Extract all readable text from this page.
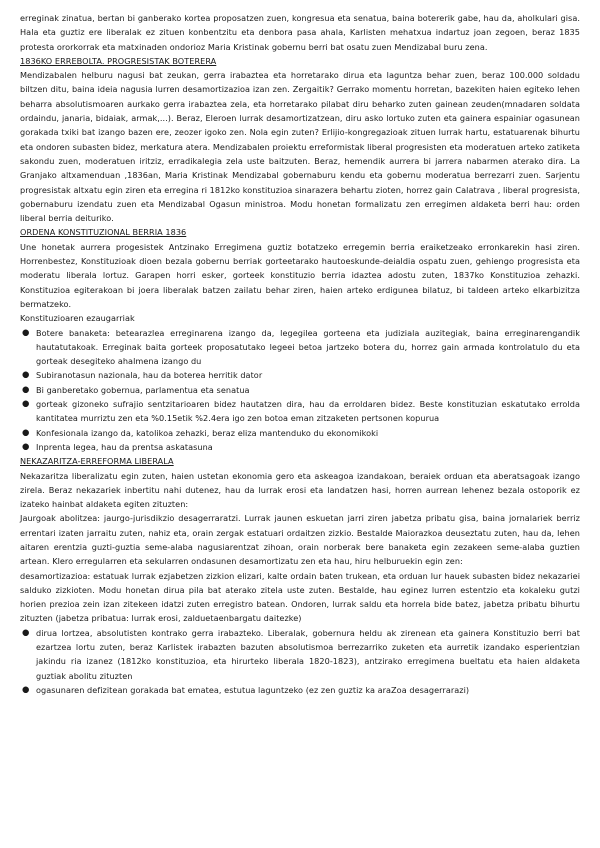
erreginak zinatua, bertan bi ganberako kortea proposatzen zuen, kongresua eta senatua, baina botererik gabe, hau da, aholkulari gisa. Hala eta guztiz ere liberalak ez zituen konbentzitu eta denbora pasa ahala, Karlisten mehatxua indartuz joan zegoen, beraz 1835 protesta ororkorrak eta matxinaden ondorioz Maria Kristinak gobernu berri bat osatu zuen Mendizabal buru zena.

1836KO ERREBOLTA. PROGRESISTAK BOTERERA

Mendizabalen helburu nagusi bat zeukan, gerra irabaztea eta horretarako dirua eta laguntza behar zuen, beraz 100.000 soldadu biltzen ditu, baina ideia nagusia lurren desamortizazioa izan zen. Zergaitik? Gerrako momentu horretan, bazekiten haien egiteko lehen beharra absolutismoaren aurkako gerra irabaztea zela, eta horretarako pilabat diru beharko zuten gainean zeuden(mnadaren soldata ordaindu, janaria, bidaiak, armak,...). Beraz, Eleroen lurrak desamortizatzean, diru asko lortuko zuten eta gainera espainiar ogasunean gorakada txiki bat izango bazen ere, zeozer igoko zen. Nola egin zuten? Erlijio-kongregazioak zituen lurrak hartu, estatuarenak bihurtu eta ondoren subasten bidez, merkatura atera. Mendizabalen proiektu erreformistak liberal progresisten eta moderatuen arteko zatiketa sakondu zuen, moderatuen iritziz, erradikalegia zela uste baitzuten. Beraz, hemendik aurrera bi jarrera nabarmen aterako dira. La Granjako altxamenduan ,1836an, Maria Kristinak Mendizabal gobernaburu kendu eta gobernu moderatua berrezarri zuen. Sarjentu progresistak altxatu egin ziren eta erregina ri 1812ko konstituzioa sinarazera behartu zioten, horrez gain Calatrava , liberal progresista, gobernaburu izendatu zuen eta Mendizabal Ogasun ministroa. Modu honetan formalizatu zen erregimen aldaketa berri hau: orden liberal berria deituriko.

ORDENA KONSTITUZIONAL BERRIA 1836

Une honetak aurrera progesistek Antzinako Erregimena guztiz botatzeko erregemin berria eraiketzeako erronkarekin hasi ziren. Horrenbestez, Konstituzioak dioen bezala gobernu berriak gorteetarako hautoeskunde-deialdia ospatu zuen, gehiengo progresista eta moderatu liberala lortuz. Garapen horri esker, gorteek konstituzio berria idaztea adostu zuten, 1837ko Konstituzioa zehazki. Konstituzioa egiterakoan bi joera liberalak batzen zailatu behar ziren, haien arteko erdigunea bilatuz, bi taldeen arteko elkarbizitza bermatzeko.

Konstituzioaren ezaugarriak

● Botere banaketa: betearazlea erreginarena izango da, legegilea gorteena eta judiziala auzitegiak, baina erreginarengandik hautatutakoak. Erreginak baita gorteek proposatutako legeei betoa jartzeko botera du, horrez gain armada kontrolatulo du eta gorteak desegiteko ahalmena izango du
● Subiranotasun nazionala, hau da boterea herritik dator
● Bi ganberetako gobernua, parlamentua eta senatua
● gorteak gizoneko sufrajio sentzitarioaren bidez hautatzen dira, hau da erroldaren bidez. Beste konstituzian eskatutako errolda kantitatea murriztu zen eta %0.15etik %2.4era igo zen botoa eman zitzaketen pertsonen kopurua
● Konfesionala izango da, katolikoa zehazki, beraz eliza mantenduko du ekonomikoki
● Inprenta legea, hau da prentsa askatasuna

NEKAZARITZA-ERREFORMA LIBERALA

Nekazaritza liberalizatu egin zuten, haien ustetan ekonomia gero eta askeagoa izandakoan, beraiek orduan eta aberatsagoak izango zirela. Beraz nekazariek inbertitu nahi dutenez, hau da lurrak erosi eta landatzen hasi, horren aurrean lehenez bezala ostoporik ez izateko hainbat aldaketa egiten zituzten:

Jaurgoak abolitzea: jaurgo-jurisdikzio desagerraratzi. Lurrak jaunen eskuetan jarri ziren jabetza pribatu gisa, baina jornalariek berriz errentari izaten jarraitu zuten, nahiz eta, orain zergak estatuari ordaitzen zizkio. Bestalde Maiorazkoa deuseztatu zuten, hau da, lehen aitaren erentzia guzti-guztia seme-alaba nagusiarentzat zihoan, orain norberak bere banaketa egin zezakeen seme-alaba guztien artean. Klero erregularren eta sekularren ondasunen desamortizatu zen eta hau, hiru helburuekin egin zen:

desamortizazioa: estatuak lurrak ezjabetzen zizkion elizari, kalte ordain baten trukean, eta orduan lur hauek subasten bidez nekazariei salduko zizkioten. Modu honetan dirua pila bat aterako zitela uste zuten. Bestalde, hau eginez lurren estentzio eta kokaleku gutzi horien prezioa zein izan zitekeen idatzi zuten erregistro batean. Ondoren, lurrak saldu eta horrela bide batez, jabetza pribatu bihurtu zituzten (jabetza pribatua: lurrak erosi, zalduetaenbargatu daitezke)

● dirua lortzea, absolutisten kontrako gerra irabazteko. Liberalak, gobernura heldu ak zirenean eta gainera Konstituzio berri bat ezartzea lortu zuten, beraz Karlistek irabazten bazuten absolutismoa berrezarriko zuketen eta aurretik izandako esperientzian jakindu ria izanez (1812ko konstituzioa, eta hirurteko liberala 1820-1823), antzirako erregimena bueltatu eta haien aldaketa guztiak abolitu zituzten
● ogasunaren defizitean gorakada bat ematea, estutua laguntzeko (ez zen guztiz ka araZoa desagerrarazi)
